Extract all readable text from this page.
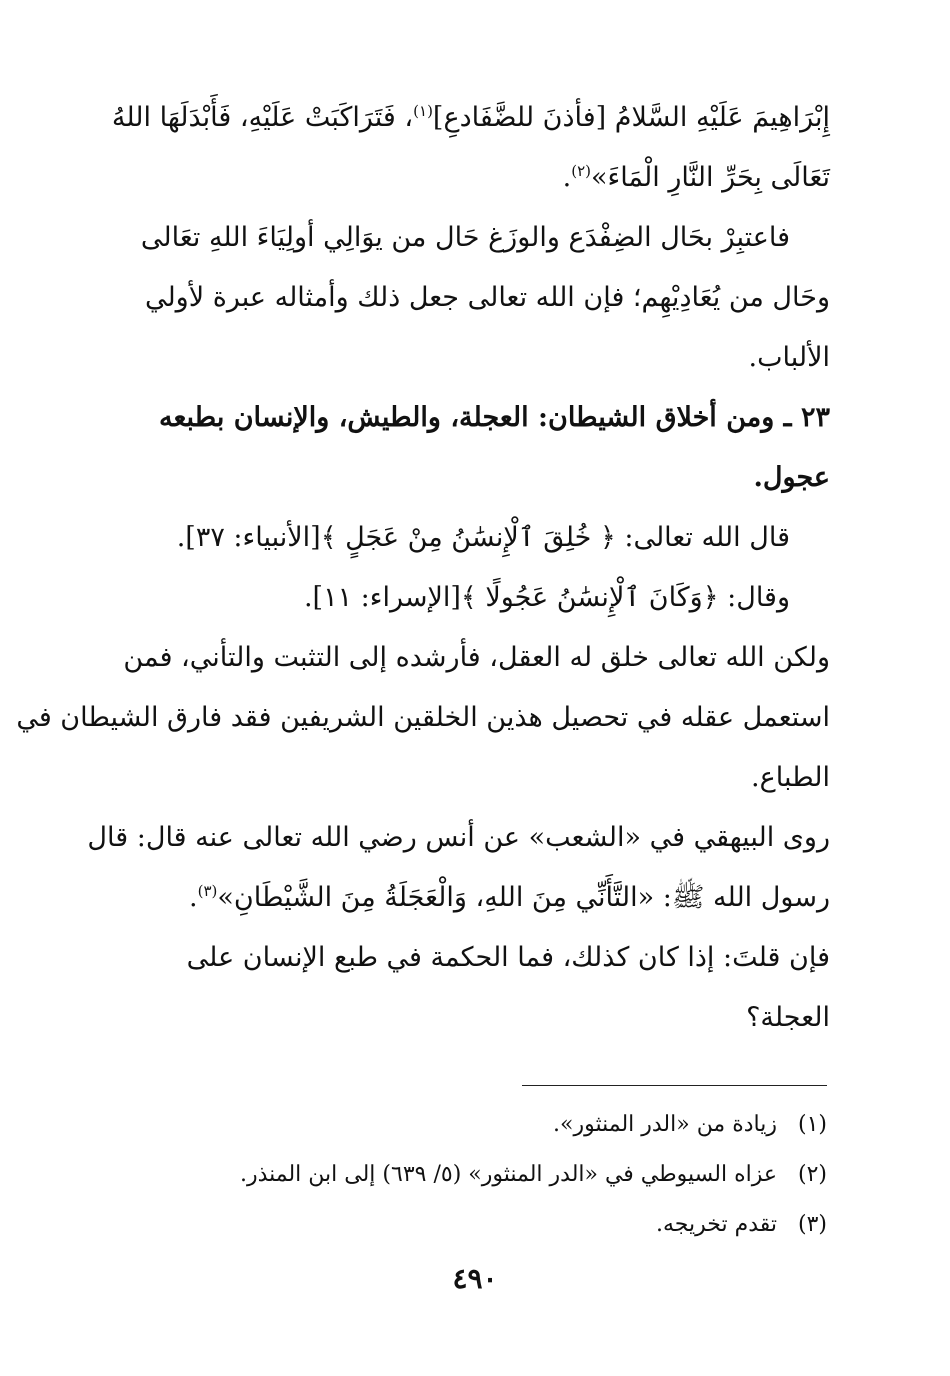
إِبْرَاهِيمَ عَلَيْهِ السَّلامُ [فأذنَ للضَّفَادعِ]$^{(١)}$، فَتَرَاكَبَتْ عَلَيْهِ، فَأَبْدَلَهَا اللهُ

تَعَالَى بِحَرِّ النَّارِ الْمَاءَ»$^{(٢)}$.

فاعتبِرْ بحَال الضِفْدَع والوزَغ حَال من يوَالِي أولِيَاءَ اللهِ تعَالى

وحَال من يُعَادِيْهِم؛ فإن الله تعالى جعل ذلك وأمثاله عبرة لأولي

الألباب.

٢٣ ـ ومن أخلاق الشيطان: العجلة، والطيش، والإنسان بطبعه

عجول.

قال الله تعالى: ﴿ خُلِقَ ٱلْإِنسَٰنُ مِنْ عَجَلٍ ﴾[الأنبياء: ٣٧].

وقال: ﴿وَكَانَ ٱلْإِنسَٰنُ عَجُولًا ﴾[الإسراء: ١١].

ولكن الله تعالى خلق له العقل، فأرشده إلى التثبت والتأني، فمن

استعمل عقله في تحصيل هذين الخلقين الشريفين فقد فارق الشيطان في

الطباع.

روى البيهقي في «الشعب» عن أنس رضي الله تعالى عنه قال: قال

رسول الله ﷺ: «التَّأَنِّي مِنَ اللهِ، وَالْعَجَلَةُ مِنَ الشَّيْطَانِ»$^{(٣)}$.

فإن قلتَ: إذا كان كذلك، فما الحكمة في طبع الإنسان على

العجلة؟

(١)
زيادة من «الدر المنثور».
(٢)
عزاه السيوطي في «الدر المنثور» (٥/ ٦٣٩) إلى ابن المنذر.
(٣)
تقدم تخريجه.
٤٩٠
